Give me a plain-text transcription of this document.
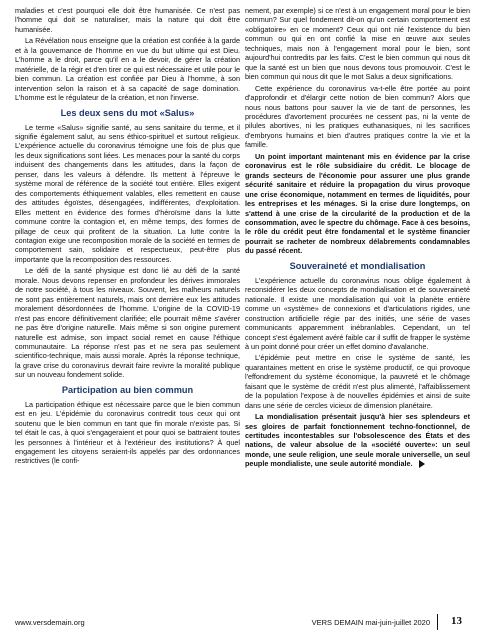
maladies et c'est pourquoi elle doit être humanisée. Ce n'est pas l'homme qui doit se naturaliser, mais la nature qui doit être humanisée.

La Révélation nous enseigne que la création est confiée à la garde et à la gouvernance de l'homme en vue du but ultime qui est Dieu. L'homme a le droit, parce qu'il en a le devoir, de gérer la création matérielle, de la régir et d'en tirer ce qui est nécessaire et utile pour le bien commun. La création est confiée par Dieu à l'homme, à son intervention selon la raison et à sa capacité de sage domination. L'homme est le régulateur de la création, et non l'inverse.

Les deux sens du mot «Salus»

Le terme «Salus» signifie santé, au sens sanitaire du terme, et il signifie également salut, au sens éthico-spirituel et surtout religieux. L'expérience actuelle du coronavirus témoigne une fois de plus que les deux significations sont liées. Les menaces pour la santé du corps induisent des changements dans les attitudes, dans la façon de penser, dans les valeurs à défendre. Ils mettent à l'épreuve le système moral de référence de la société tout entière. Elles exigent des comportements éthiquement valables, elles remettent en cause des attitudes égoïstes, désengagées, indifférentes, d'exploitation. Elles mettent en évidence des formes d'héroïsme dans la lutte commune contre la contagion et, en même temps, des formes de pillage de ceux qui profitent de la situation. La lutte contre la contagion exige une recomposition morale de la société en termes de comportement sain, solidaire et respectueux, peut-être plus importante que la recomposition des ressources.

Le défi de la santé physique est donc lié au défi de la santé morale. Nous devons repenser en profondeur les dérives immorales de notre société, à tous les niveaux. Souvent, les malheurs naturels ne sont pas entièrement naturels, mais ont derrière eux les attitudes moralement désordonnées de l'homme. L'origine de la COVID-19 n'est pas encore définitivement clarifiée; elle pourrait même s'avérer ne pas être d'origine naturelle. Mais même si son origine purement naturelle est admise, son impact social remet en cause l'éthique communautaire. La réponse n'est pas et ne sera pas seulement scientifico-technique, mais aussi morale. Après la réponse technique, la grave crise du coronavirus devrait faire revivre la moralité publique sur un nouveau fondement solide.

Participation au bien commun

La participation éthique est nécessaire parce que le bien commun est en jeu. L'épidémie du coronavirus contredit tous ceux qui ont soutenu que le bien commun en tant que fin morale n'existe pas. Si tel était le cas, à quoi s'engageraient et pour quoi se battraient toutes les personnes à l'intérieur et à l'extérieur des institutions? À quel engagement les citoyens seraient-ils appelés par des ordonnances restrictives (le confi-

nement, par exemple) si ce n'est à un engagement moral pour le bien commun? Sur quel fondement dit-on qu'un certain comportement est «obligatoire» en ce moment? Ceux qui ont nié l'existence du bien commun ou qui en ont confié la mise en œuvre aux seules techniques, mais non à l'engagement moral pour le bien, sont aujourd'hui contredits par les faits. C'est le bien commun qui nous dit que la santé est un bien que nous devons tous promouvoir. C'est le bien commun qui nous dit que le mot Salus a deux significations.

Cette expérience du coronavirus va-t-elle être portée au point d'approfondir et d'élargir cette notion de bien commun? Alors que nous nous battons pour sauver la vie de tant de personnes, les procédures d'avortement procurées ne cessent pas, ni la vente de pilules abortives, ni les pratiques euthanasiques, ni les sacrifices d'embryons humains et bien d'autres pratiques contre la vie et la famille.

Un point important maintenant mis en évidence par la crise coronavirus est le rôle subsidiaire du crédit. Le blocage de grands secteurs de l'économie pour assurer une plus grande sécurité sanitaire et réduire la propagation du virus provoque une crise économique, notamment en termes de liquidités, pour les entreprises et les ménages. Si la crise dure longtemps, on s'attend à une crise de la circularité de la production et de la consommation, avec le spectre du chômage. Face à ces besoins, le rôle du crédit peut être fondamental et le système financier pourrait se racheter de nombreux délabrements condamnables du passé récent.

Souveraineté et mondialisation

L'expérience actuelle du coronavirus nous oblige également à reconsidérer les deux concepts de mondialisation et de souveraineté nationale. Il existe une mondialisation qui voit la planète entière comme un «système» de connexions et d'articulations rigides, une construction artificielle régie par des initiés, une série de vases communicants apparemment inébranlables. Cependant, un tel concept s'est également avéré faible car il suffit de frapper le système à un point donné pour créer un effet domino d'avalanche.

L'épidémie peut mettre en crise le système de santé, les quarantaines mettent en crise le système productif, ce qui provoque l'effondrement du système économique, la pauvreté et le chômage faisant que le système de crédit n'est plus alimenté, l'affaiblissement de la population l'expose à de nouvelles épidémies et ainsi de suite dans une série de cercles vicieux de dimension planétaire.

La mondialisation présentait jusqu'à hier ses splendeurs et ses gloires de parfait fonctionnement techno-fonctionnel, de certitudes incontestables sur l'obsolescence des États et des nations, de valeur absolue de la «société ouverte»: un seul monde, une seule religion, une seule morale universelle, un seul peuple mondialiste, une seule autorité mondiale.

www.versdemain.org	VERS DEMAIN mai-juin-juillet 2020 13
